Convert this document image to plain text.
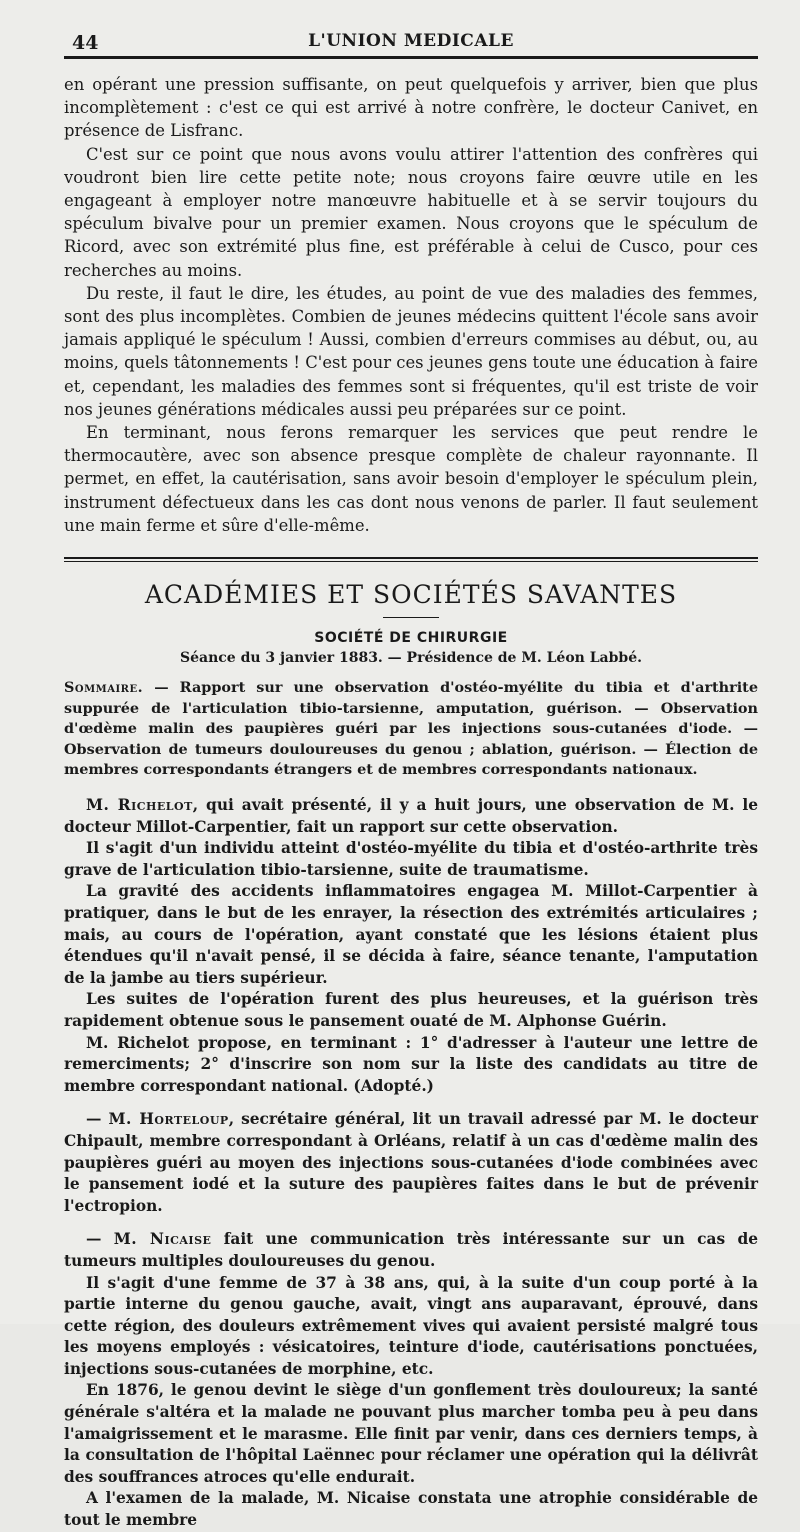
44	L'UNION MEDICALE

en opérant une pression suffisante, on peut quelquefois y arriver, bien que plus incomplètement : c'est ce qui est arrivé à notre confrère, le docteur Canivet, en présence de Lisfranc.

C'est sur ce point que nous avons voulu attirer l'attention des confrères qui voudront bien lire cette petite note; nous croyons faire œuvre utile en les engageant à employer notre manœuvre habituelle et à se servir toujours du spéculum bivalve pour un premier examen. Nous croyons que le spéculum de Ricord, avec son extrémité plus fine, est préférable à celui de Cusco, pour ces recherches au moins.

Du reste, il faut le dire, les études, au point de vue des maladies des femmes, sont des plus incomplètes. Combien de jeunes médecins quittent l'école sans avoir jamais appliqué le spéculum ! Aussi, combien d'erreurs commises au début, ou, au moins, quels tâtonnements ! C'est pour ces jeunes gens toute une éducation à faire et, cependant, les maladies des femmes sont si fréquentes, qu'il est triste de voir nos jeunes générations médicales aussi peu préparées sur ce point.

En terminant, nous ferons remarquer les services que peut rendre le thermocautère, avec son absence presque complète de chaleur rayonnante. Il permet, en effet, la cautérisation, sans avoir besoin d'employer le spéculum plein, instrument défectueux dans les cas dont nous venons de parler. Il faut seulement une main ferme et sûre d'elle-même.

ACADÉMIES ET SOCIÉTÉS SAVANTES
SOCIÉTÉ DE CHIRURGIE
Séance du 3 janvier 1883. — Présidence de M. Léon Labbé.
Sommaire. — Rapport sur une observation d'ostéo-myélite du tibia et d'arthrite suppurée de l'articulation tibio-tarsienne, amputation, guérison. — Observation d'œdème malin des paupières guéri par les injections sous-cutanées d'iode. — Observation de tumeurs douloureuses du genou ; ablation, guérison. — Élection de membres correspondants étrangers et de membres correspondants nationaux.

M. Richelot, qui avait présenté, il y a huit jours, une observation de M. le docteur Millot-Carpentier, fait un rapport sur cette observation.

Il s'agit d'un individu atteint d'ostéo-myélite du tibia et d'ostéo-arthrite très grave de l'articulation tibio-tarsienne, suite de traumatisme.

La gravité des accidents inflammatoires engagea M. Millot-Carpentier à pratiquer, dans le but de les enrayer, la résection des extrémités articulaires ; mais, au cours de l'opération, ayant constaté que les lésions étaient plus étendues qu'il n'avait pensé, il se décida à faire, séance tenante, l'amputation de la jambe au tiers supérieur.

Les suites de l'opération furent des plus heureuses, et la guérison très rapidement obtenue sous le pansement ouaté de M. Alphonse Guérin.

M. Richelot propose, en terminant : 1° d'adresser à l'auteur une lettre de remerciments; 2° d'inscrire son nom sur la liste des candidats au titre de membre correspondant national. (Adopté.)

— M. Horteloup, secrétaire général, lit un travail adressé par M. le docteur Chipault, membre correspondant à Orléans, relatif à un cas d'œdème malin des paupières guéri au moyen des injections sous-cutanées d'iode combinées avec le pansement iodé et la suture des paupières faites dans le but de prévenir l'ectropion.

— M. Nicaise fait une communication très intéressante sur un cas de tumeurs multiples douloureuses du genou.

Il s'agit d'une femme de 37 à 38 ans, qui, à la suite d'un coup porté à la partie interne du genou gauche, avait, vingt ans auparavant, éprouvé, dans cette région, des douleurs extrêmement vives qui avaient persisté malgré tous les moyens employés : vésicatoires, teinture d'iode, cautérisations ponctuées, injections sous-cutanées de morphine, etc.

En 1876, le genou devint le siège d'un gonflement très douloureux; la santé générale s'altéra et la malade ne pouvant plus marcher tomba peu à peu dans l'amaigrissement et le marasme. Elle finit par venir, dans ces derniers temps, à la consultation de l'hôpital Laënnec pour réclamer une opération qui la délivrât des souffrances atroces qu'elle endurait.

A l'examen de la malade, M. Nicaise constata une atrophie considérable de tout le membre
